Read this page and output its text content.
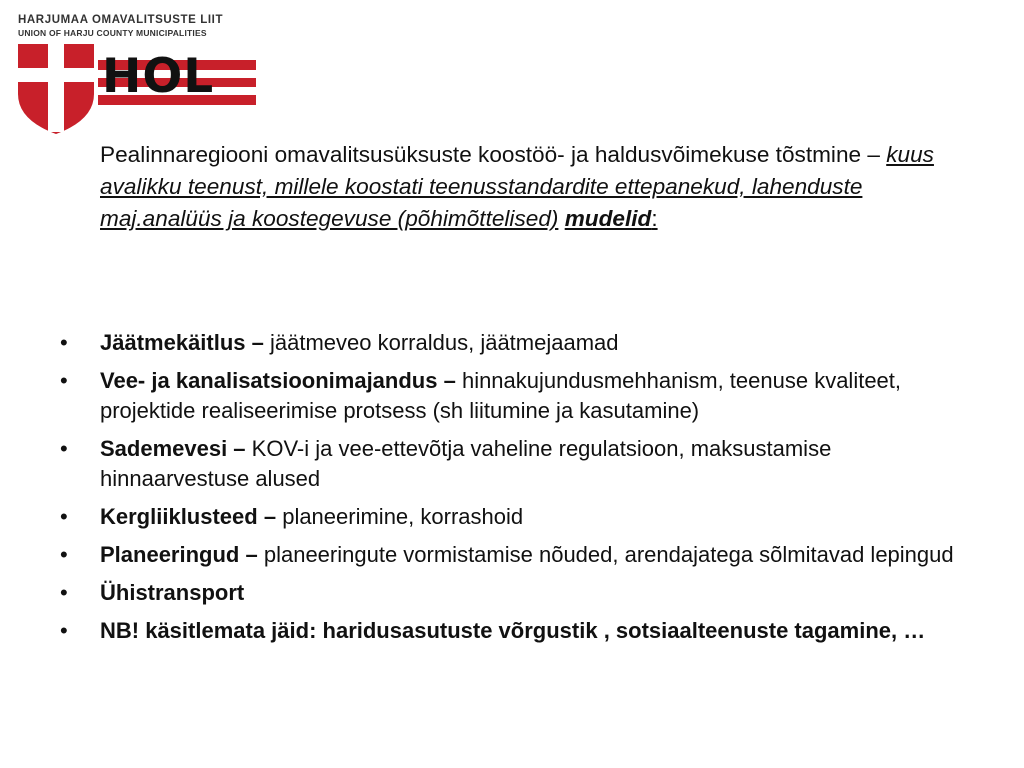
HARJUMAA OMAVALITSUSTE LIIT
UNION OF HARJU COUNTY MUNICIPALITIES
HOL

Pealinnaregiooni omavalitsusüksuste koostöö- ja haldusvõimekuse tõstmine – kuus avalikku teenust, millele koostati teenusstandardite ettepanekud, lahenduste maj.analüüs ja koostegevuse (põhimõttelised) mudelid:

• Jäätmekäitlus – jäätmeveo korraldus, jäätmejaamad
• Vee- ja kanalisatsioonimajandus – hinnakujundusmehhanism, teenuse kvaliteet, projektide realiseerimise protsess (sh liitumine ja kasutamine)
• Sademevesi – KOV-i ja vee-ettevõtja vaheline regulatsioon, maksustamise hinnaarvestuse alused
• Kergliiklusteed – planeerimine, korrashoid
• Planeeringud – planeeringute vormistamise nõuded, arendajatega sõlmitavad lepingud
• Ühistransport
• NB! käsitlemata jäid: haridusasutuste võrgustik , sotsiaalteenuste tagamine, …
